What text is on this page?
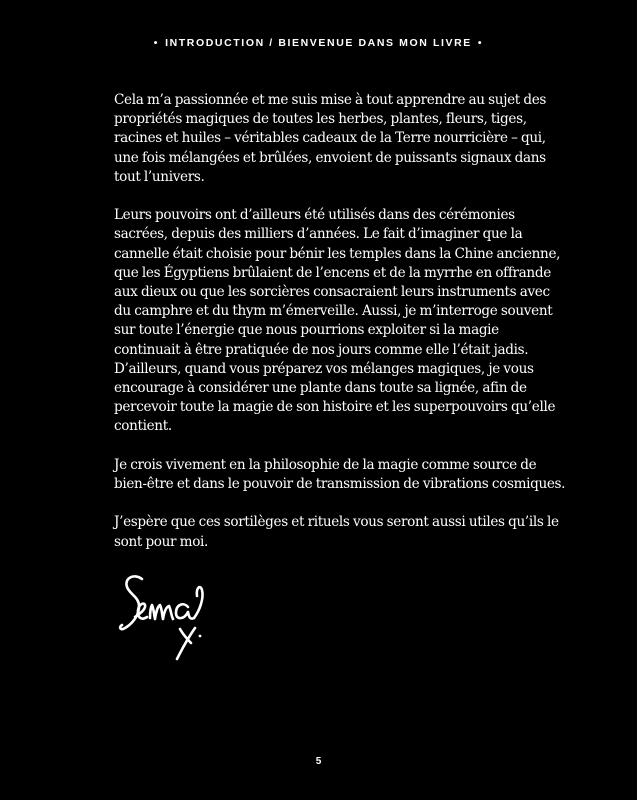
• INTRODUCTION / BIENVENUE DANS MON LIVRE •

Cela m’a passionnée et me suis mise à tout apprendre au sujet des propriétés magiques de toutes les herbes, plantes, fleurs, tiges, racines et huiles – véritables cadeaux de la Terre nourricière – qui, une fois mélangées et brûlées, envoient de puissants signaux dans tout l’univers.

Leurs pouvoirs ont d’ailleurs été utilisés dans des cérémonies sacrées, depuis des milliers d’années. Le fait d’imaginer que la cannelle était choisie pour bénir les temples dans la Chine ancienne, que les Égyptiens brûlaient de l’encens et de la myrrhe en offrande aux dieux ou que les sorcières consacraient leurs instruments avec du camphre et du thym m’émerveille. Aussi, je m’interroge souvent sur toute l’énergie que nous pourrions exploiter si la magie continuait à être pratiquée de nos jours comme elle l’était jadis. D’ailleurs, quand vous préparez vos mélanges magiques, je vous encourage à considérer une plante dans toute sa lignée, afin de percevoir toute la magie de son histoire et les superpouvoirs qu’elle contient.

Je crois vivement en la philosophie de la magie comme source de bien-être et dans le pouvoir de transmission de vibrations cosmiques.

J’espère que ces sortilèges et rituels vous seront aussi utiles qu’ils le sont pour moi.

5
